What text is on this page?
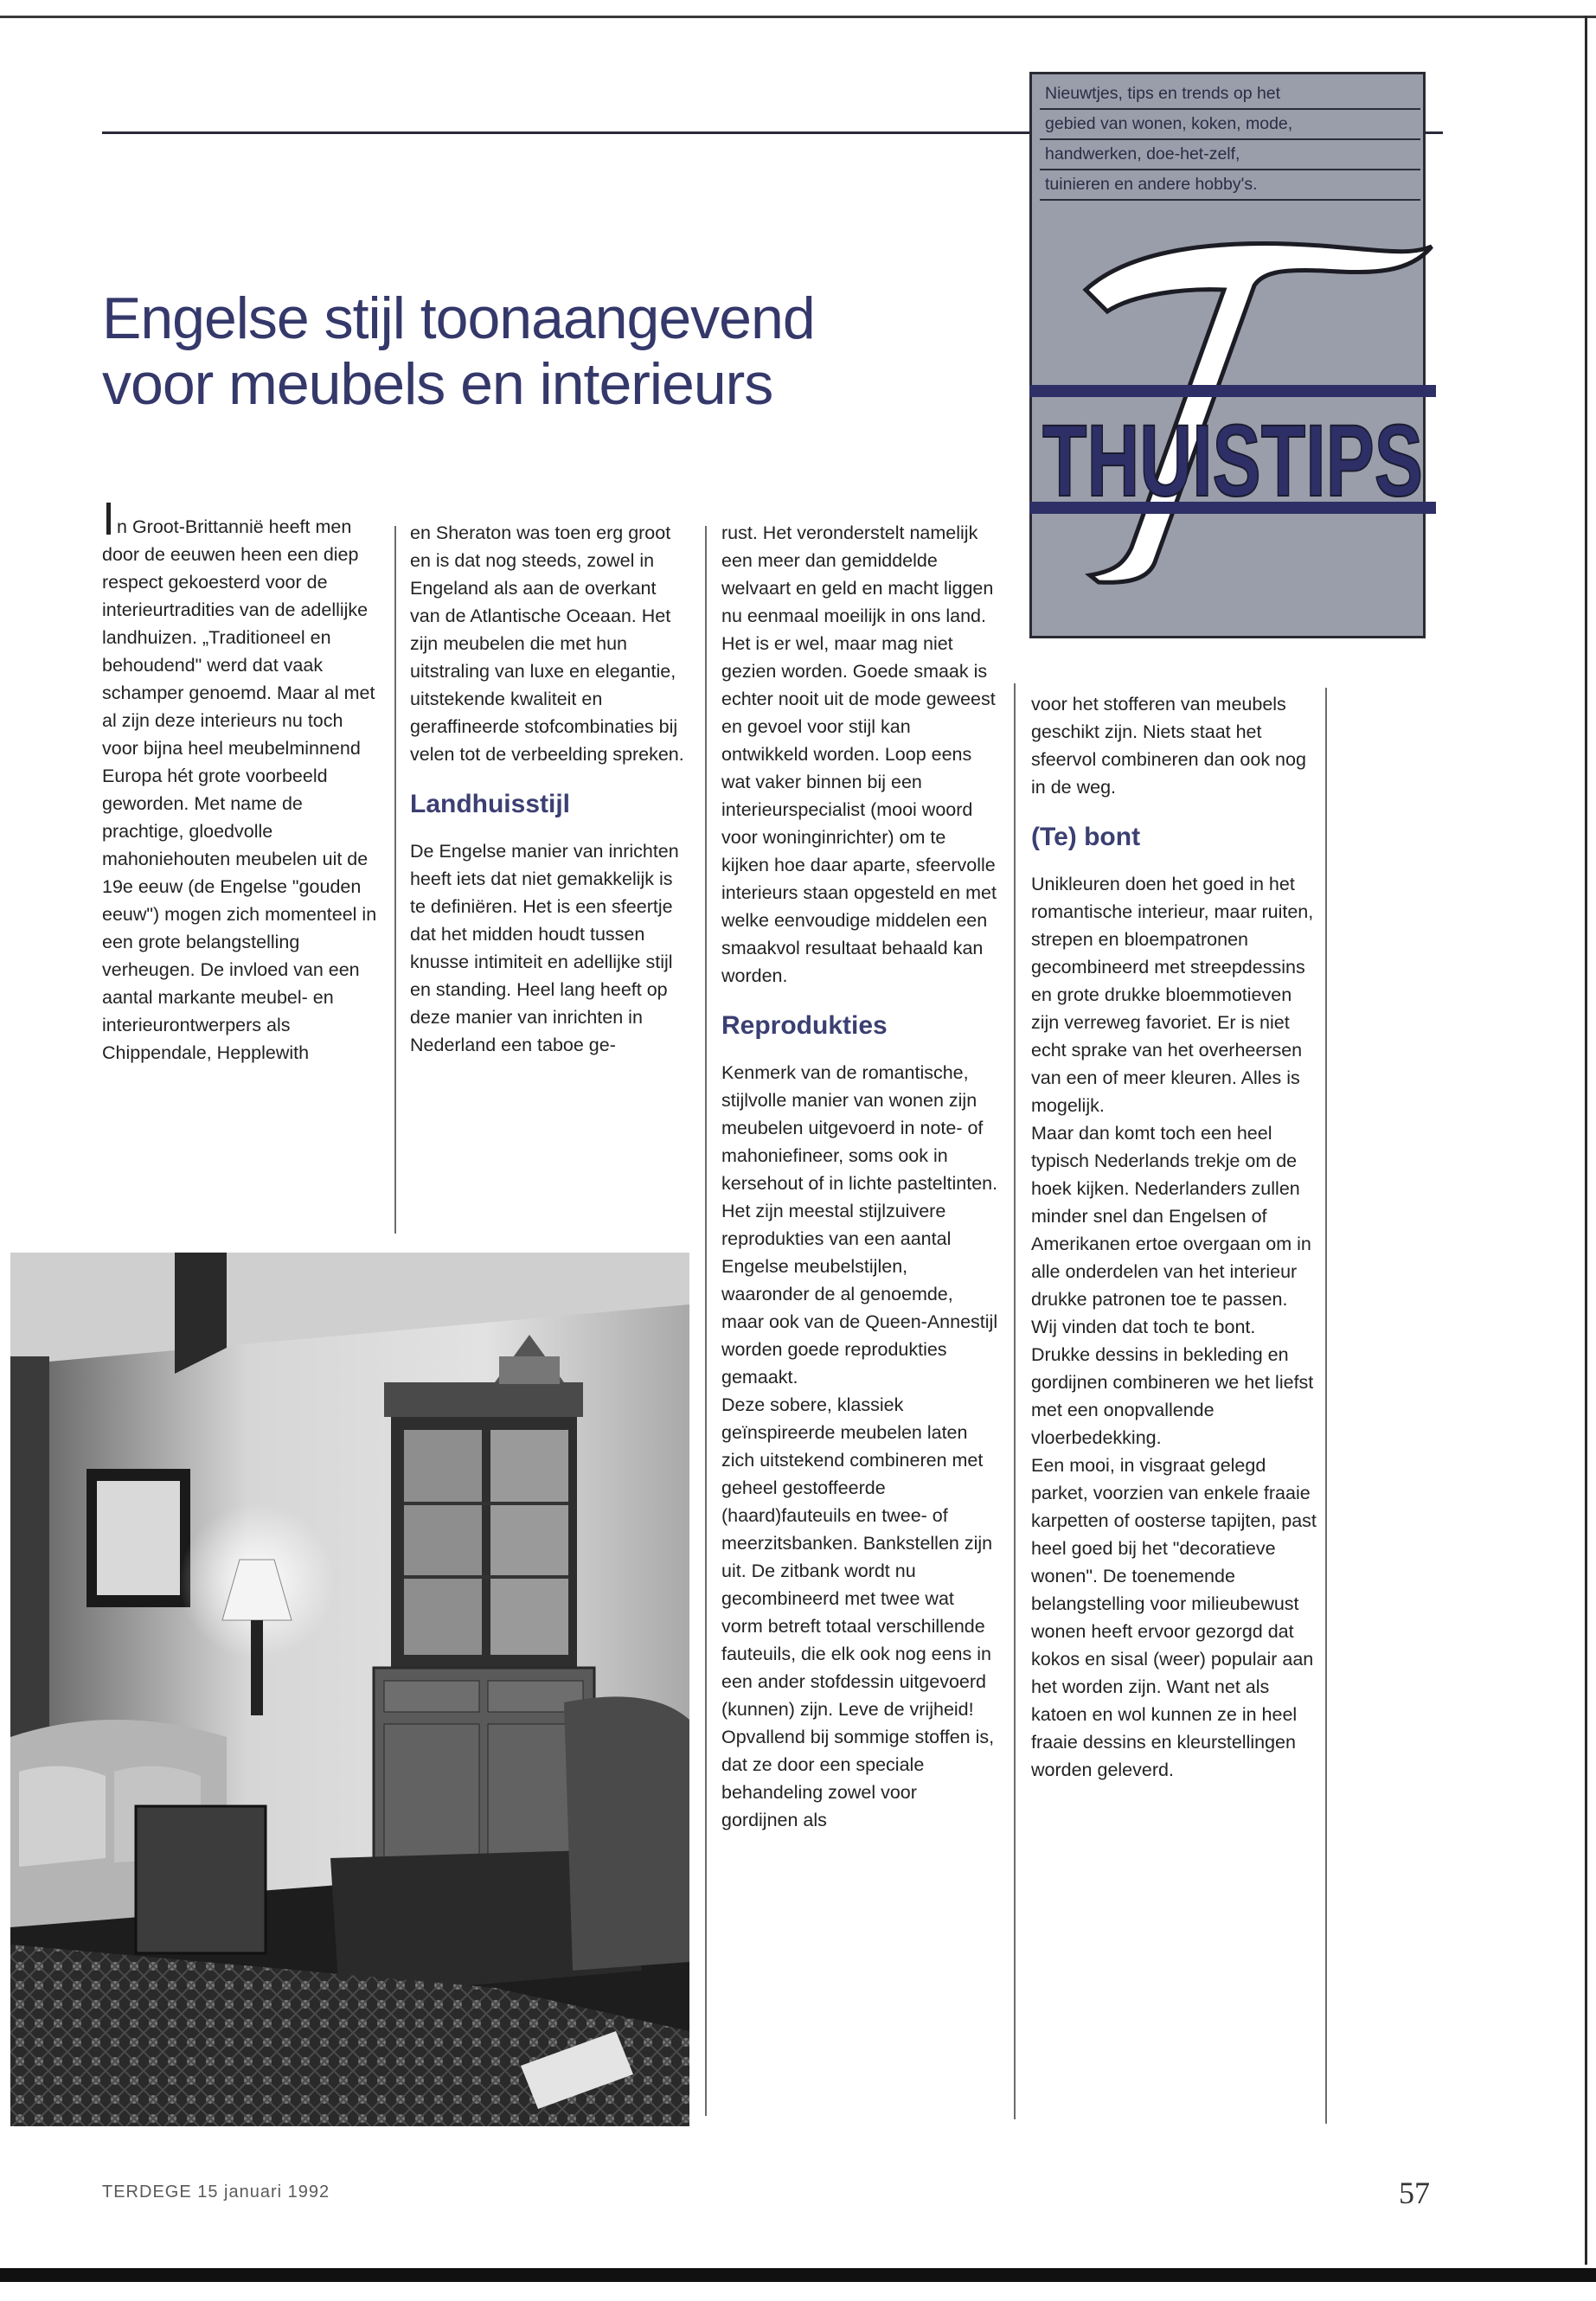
Nieuwtjes, tips en trends op het
gebied van wonen, koken, mode,
handwerken, doe-het-zelf,
tuinieren en andere hobby's.
THUISTIPS
Engelse stijl toonaangevend
voor meubels en interieurs

In Groot-Brittannië heeft men door de eeuwen heen een diep respect gekoesterd voor de interieurtradities van de adellijke landhuizen. „Traditioneel en behoudend" werd dat vaak schamper genoemd. Maar al met al zijn deze interieurs nu toch voor bijna heel meubelminnend Europa hét grote voorbeeld geworden. Met name de prachtige, gloedvolle mahoniehouten meubelen uit de 19e eeuw (de Engelse "gouden eeuw") mogen zich momenteel in een grote belangstelling verheugen. De invloed van een aantal markante meubel- en interieurontwerpers als Chippendale, Hepplewith

en Sheraton was toen erg groot en is dat nog steeds, zowel in Engeland als aan de overkant van de Atlantische Oceaan. Het zijn meubelen die met hun uitstraling van luxe en elegantie, uitstekende kwaliteit en geraffineerde stofcombinaties bij velen tot de verbeelding spreken.

Landhuisstijl

De Engelse manier van inrichten heeft iets dat niet gemakkelijk is te definiëren. Het is een sfeertje dat het midden houdt tussen knusse intimiteit en adellijke stijl en standing. Heel lang heeft op deze manier van inrichten in Nederland een taboe ge-

rust. Het veronderstelt namelijk een meer dan gemiddelde welvaart en geld en macht liggen nu eenmaal moeilijk in ons land. Het is er wel, maar mag niet gezien worden. Goede smaak is echter nooit uit de mode geweest en gevoel voor stijl kan ontwikkeld worden. Loop eens wat vaker binnen bij een interieurspecialist (mooi woord voor woninginrichter) om te kijken hoe daar aparte, sfeervolle interieurs staan opgesteld en met welke eenvoudige middelen een smaakvol resultaat behaald kan worden.

Reprodukties

Kenmerk van de romantische, stijlvolle manier van wonen zijn meubelen uitgevoerd in note- of mahoniefineer, soms ook in kersehout of in lichte pasteltinten. Het zijn meestal stijlzuivere reprodukties van een aantal Engelse meubelstijlen, waaronder de al genoemde, maar ook van de Queen-Annestijl worden goede reprodukties gemaakt.

Deze sobere, klassiek geïnspireerde meubelen laten zich uitstekend combineren met geheel gestoffeerde (haard)fauteuils en twee- of meerzitsbanken. Bankstellen zijn uit. De zitbank wordt nu gecombineerd met twee wat vorm betreft totaal verschillende fauteuils, die elk ook nog eens in een ander stofdessin uitgevoerd (kunnen) zijn. Leve de vrijheid! Opvallend bij sommige stoffen is, dat ze door een speciale behandeling zowel voor gordijnen als

voor het stofferen van meubels geschikt zijn. Niets staat het sfeervol combineren dan ook nog in de weg.

(Te) bont

Unikleuren doen het goed in het romantische interieur, maar ruiten, strepen en bloempatronen gecombineerd met streepdessins en grote drukke bloemmotieven zijn verreweg favoriet. Er is niet echt sprake van het overheersen van een of meer kleuren. Alles is mogelijk.

Maar dan komt toch een heel typisch Nederlands trekje om de hoek kijken. Nederlanders zullen minder snel dan Engelsen of Amerikanen ertoe overgaan om in alle onderdelen van het interieur drukke patronen toe te passen. Wij vinden dat toch te bont. Drukke dessins in bekleding en gordijnen combineren we het liefst met een onopvallende vloerbedekking.

Een mooi, in visgraat gelegd parket, voorzien van enkele fraaie karpetten of oosterse tapijten, past heel goed bij het "decoratieve wonen". De toenemende belangstelling voor milieubewust wonen heeft ervoor gezorgd dat kokos en sisal (weer) populair aan het worden zijn. Want net als katoen en wol kunnen ze in heel fraaie dessins en kleurstellingen worden geleverd.

TERDEGE 15 januari 1992	57
